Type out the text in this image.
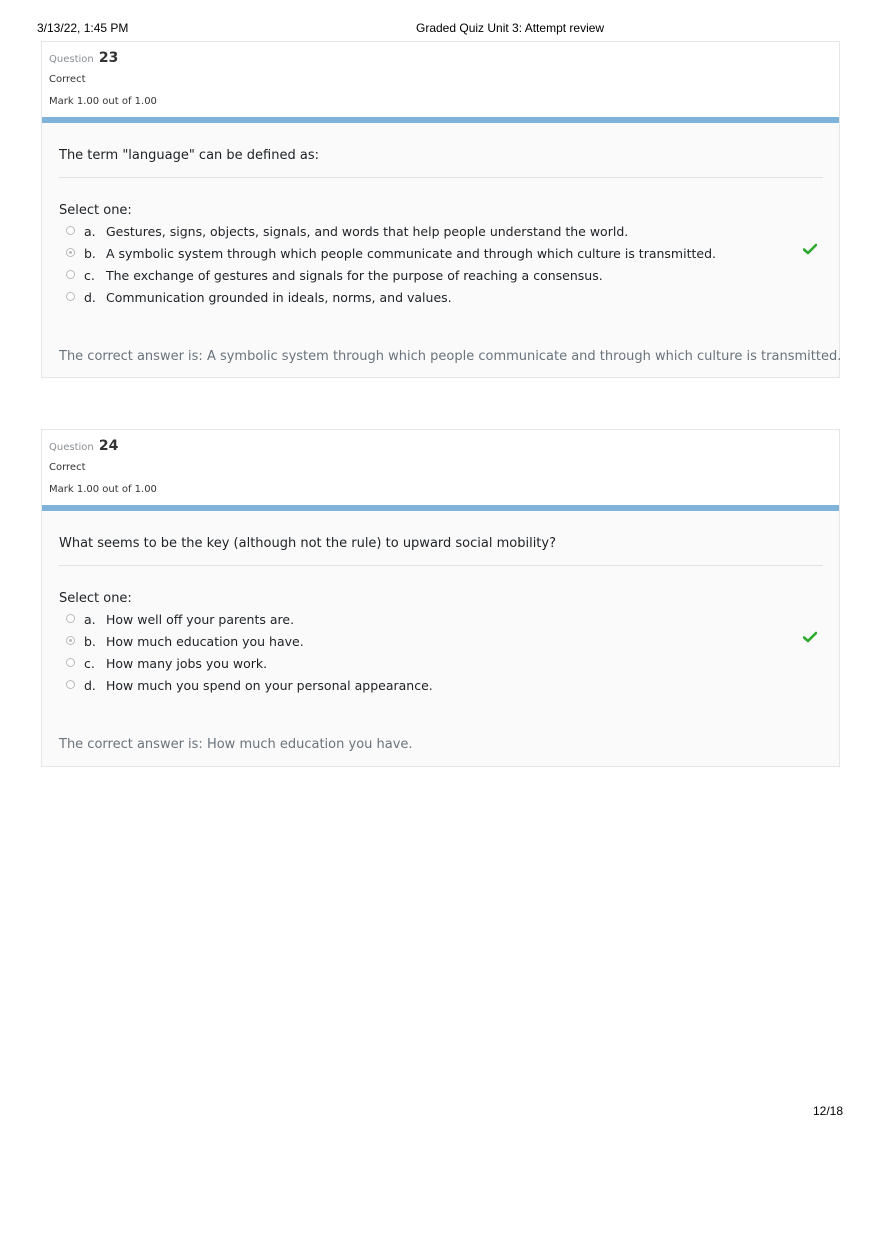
3/13/22, 1:45 PM	Graded Quiz Unit 3: Attempt review
Question 23
Correct
Mark 1.00 out of 1.00
The term "language" can be defined as:
Select one:
a. Gestures, signs, objects, signals, and words that help people understand the world.
b. A symbolic system through which people communicate and through which culture is transmitted.
c. The exchange of gestures and signals for the purpose of reaching a consensus.
d. Communication grounded in ideals, norms, and values.
The correct answer is: A symbolic system through which people communicate and through which culture is transmitted.
Question 24
Correct
Mark 1.00 out of 1.00
What seems to be the key (although not the rule) to upward social mobility?
Select one:
a. How well off your parents are.
b. How much education you have.
c. How many jobs you work.
d. How much you spend on your personal appearance.
The correct answer is: How much education you have.
12/18
